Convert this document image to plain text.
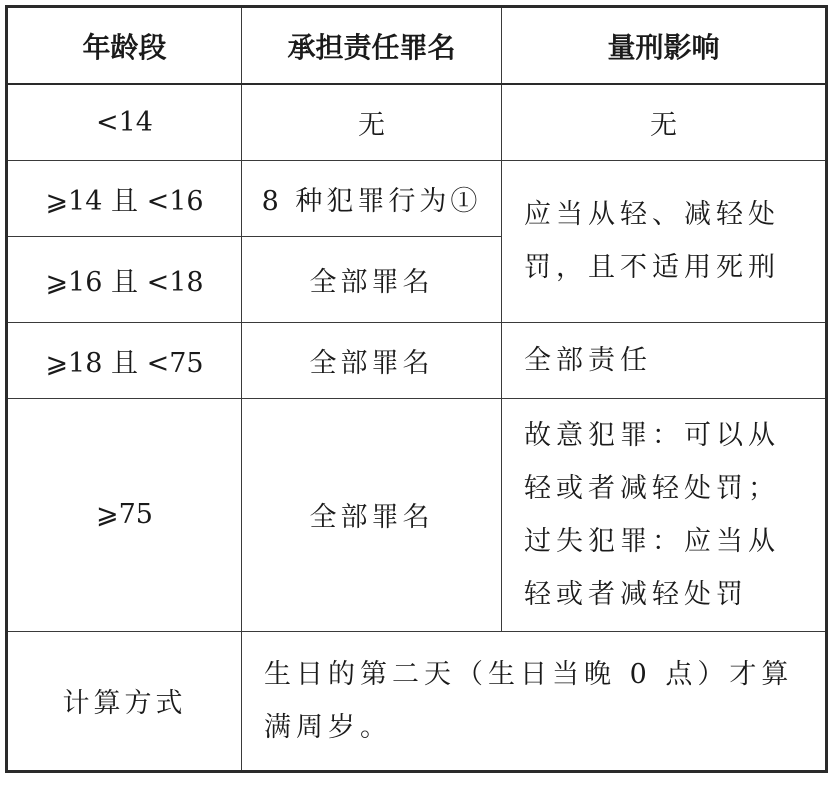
年龄段	承担责任罪名	量刑影响
<14	无	无
⩾14 且 <16	8 种犯罪行为①	应当从轻、减轻处罚，且不适用死刑
⩾16 且 <18	全部罪名	
⩾18 且 <75	全部罪名	全部责任
⩾75	全部罪名	故意犯罪：可以从轻或者减轻处罚；过失犯罪：应当从轻或者减轻处罚
计算方式	生日的第二天（生日当晚 0 点）才算满周岁。	
